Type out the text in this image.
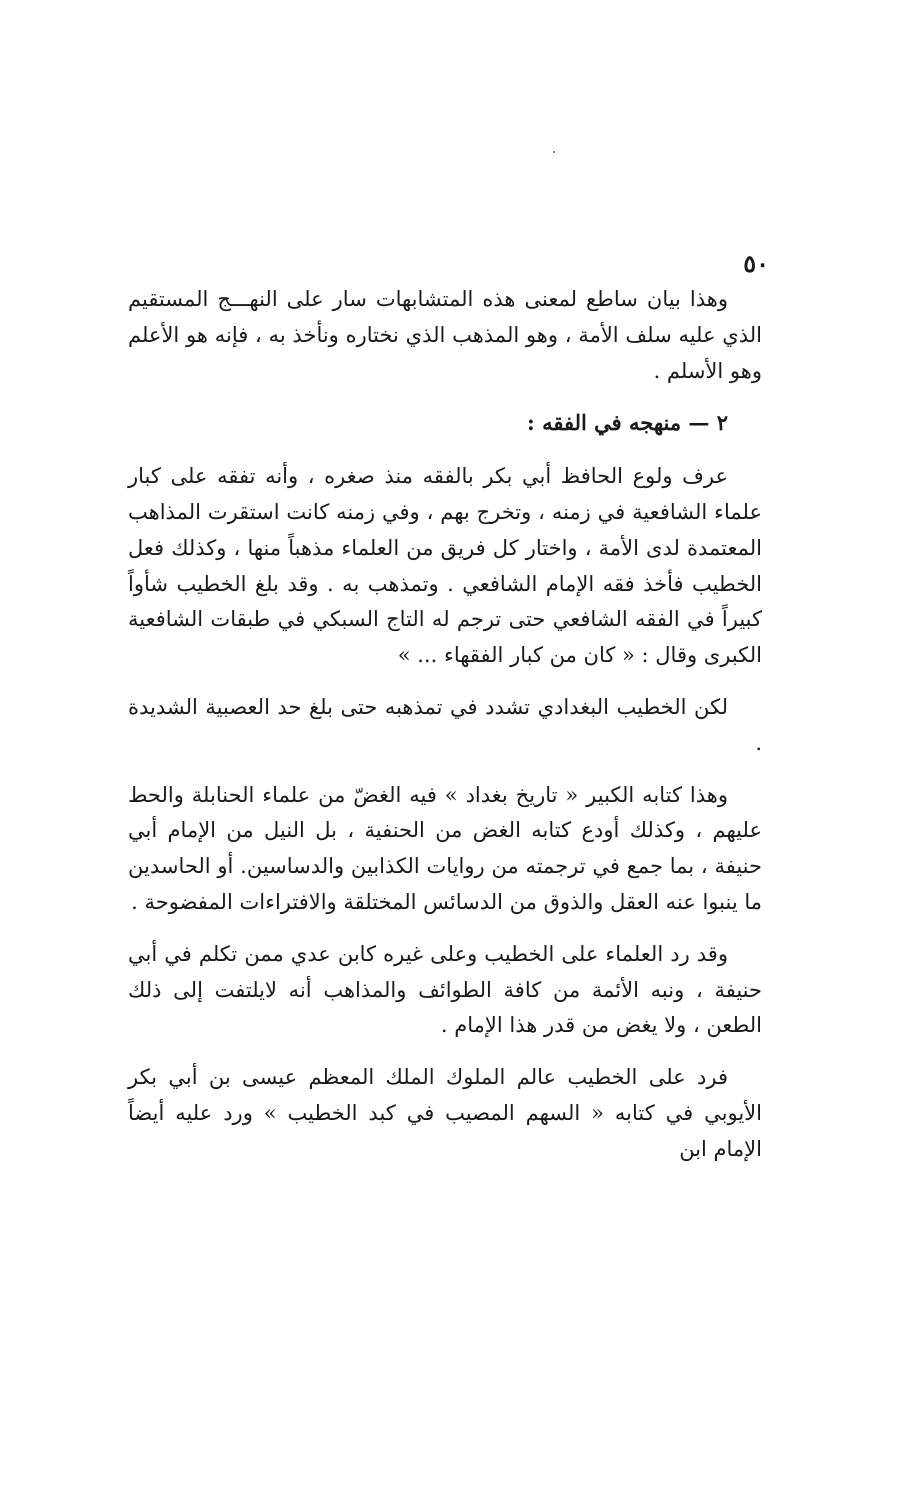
٥٠

وهذا بيان ساطع لمعنى هذه المتشابهات سار على النهـــج المستقيم الذي عليه سلف الأمة ، وهو المذهب الذي نختاره ونأخذ به ، فإنه هو الأعلم وهو الأسلم .

٢ — منهجه في الفقه :

عرف ولوع الحافظ أبي بكر بالفقه منذ صغره ، وأنه تفقه على كبار علماء الشافعية في زمنه ، وتخرج بهم ، وفي زمنه كانت استقرت المذاهب المعتمدة لدى الأمة ، واختار كل فريق من العلماء مذهباً منها ، وكذلك فعل الخطيب فأخذ فقه الإمام الشافعي . وتمذهب به . وقد بلغ الخطيب شأواً كبيراً في الفقه الشافعي حتى ترجم له التاج السبكي في طبقات الشافعية الكبرى وقال : « كان من كبار الفقهاء ... »

لكن الخطيب البغدادي تشدد في تمذهبه حتى بلغ حد العصبية الشديدة .

وهذا كتابه الكبير « تاريخ بغداد » فيه الغضّ من علماء الحنابلة والحط عليهم ، وكذلك أودع كتابه الغض من الحنفية ، بل النيل من الإمام أبي حنيفة ، بما جمع في ترجمته من روايات الكذابين والدساسين. أو الحاسدين ما ينبوا عنه العقل والذوق من الدسائس المختلقة والافتراءات المفضوحة .

وقد رد العلماء على الخطيب وعلى غيره كابن عدي ممن تكلم في أبي حنيفة ، ونبه الأئمة من كافة الطوائف والمذاهب أنه لايلتفت إلى ذلك الطعن ، ولا يغض من قدر هذا الإمام .

فرد على الخطيب عالم الملوك الملك المعظم عيسى بن أبي بكر الأيوبي في كتابه « السهم المصيب في كبد الخطيب » ورد عليه أيضاً الإمام ابن
